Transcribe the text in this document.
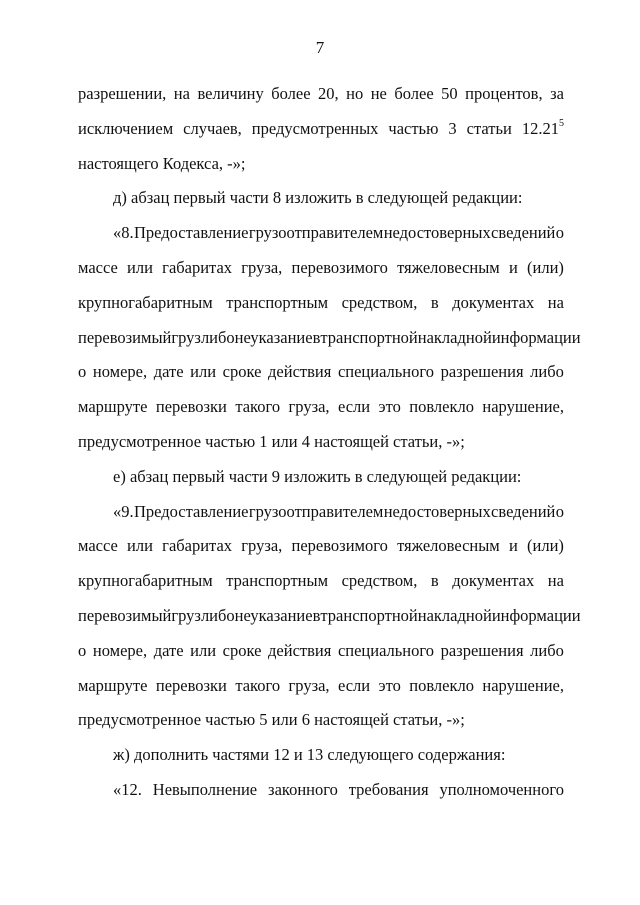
7
разрешении, на величину более 20, но не более 50 процентов, за
исключением случаев, предусмотренных частью 3 статьи 12.21$^5$
настоящего Кодекса, -»;
д) абзац первый части 8 изложить в следующей редакции:
«8. Предоставление грузоотправителем недостоверных сведений о
массе или габаритах груза, перевозимого тяжеловесным и (или)
крупногабаритным транспортным средством, в документах на
перевозимый груз либо неуказание в транспортной накладной информации
о номере, дате или сроке действия специального разрешения либо
маршруте перевозки такого груза, если это повлекло нарушение,
предусмотренное частью 1 или 4 настоящей статьи, -»;
е) абзац первый части 9 изложить в следующей редакции:
«9. Предоставление грузоотправителем недостоверных сведений о
массе или габаритах груза, перевозимого тяжеловесным и (или)
крупногабаритным транспортным средством, в документах на
перевозимый груз либо неуказание в транспортной накладной информации
о номере, дате или сроке действия специального разрешения либо
маршруте перевозки такого груза, если это повлекло нарушение,
предусмотренное частью 5 или 6 настоящей статьи, -»;
ж) дополнить частями 12 и 13 следующего содержания:
«12. Невыполнение законного требования уполномоченного
